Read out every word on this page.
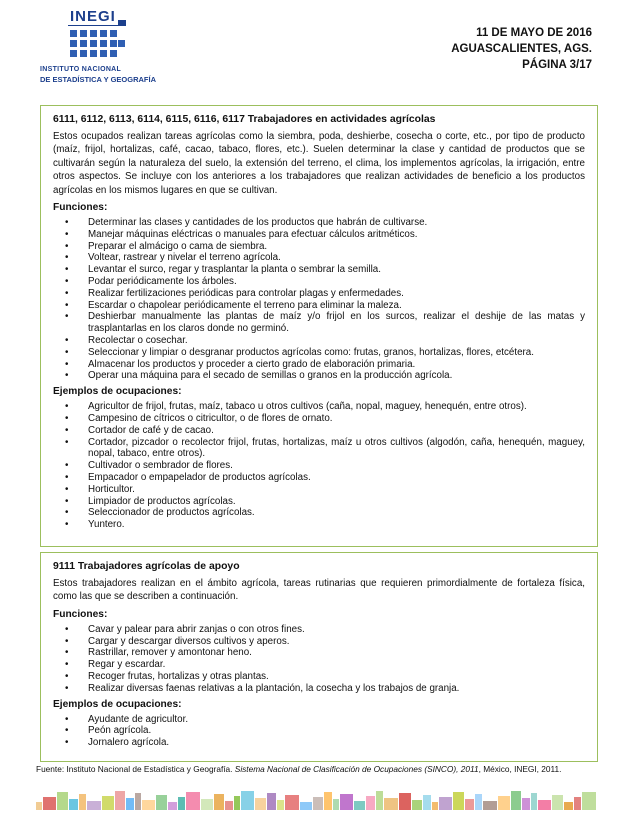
INEGI
INSTITUTO NACIONAL
DE ESTADÍSTICA Y GEOGRAFÍA
11 DE MAYO DE 2016
AGUASCALIENTES, AGS.
PÁGINA 3/17
6111, 6112, 6113, 6114, 6115, 6116, 6117 Trabajadores en actividades agrícolas

Estos ocupados realizan tareas agrícolas como la siembra, poda, deshierbe, cosecha o corte, etc., por tipo de producto (maíz, frijol, hortalizas, café, cacao, tabaco, flores, etc.). Suelen determinar la clase y cantidad de productos que se cultivarán según la naturaleza del suelo, la extensión del terreno, el clima, los implementos agrícolas, la irrigación, entre otros aspectos. Se incluye con los anteriores a los trabajadores que realizan actividades de beneficio a los productos agrícolas en los mismos lugares en que se cultivan.

Funciones:
• Determinar las clases y cantidades de los productos que habrán de cultivarse.
• Manejar máquinas eléctricas o manuales para efectuar cálculos aritméticos.
• Preparar el almácigo o cama de siembra.
• Voltear, rastrear y nivelar el terreno agrícola.
• Levantar el surco, regar y trasplantar la planta o sembrar la semilla.
• Podar periódicamente los árboles.
• Realizar fertilizaciones periódicas para controlar plagas y enfermedades.
• Escardar o chapolear periódicamente el terreno para eliminar la maleza.
• Deshierbar manualmente las plantas de maíz y/o frijol en los surcos, realizar el deshije de las matas y trasplantarlas en los claros donde no germinó.
• Recolectar o cosechar.
• Seleccionar y limpiar o desgranar productos agrícolas como: frutas, granos, hortalizas, flores, etcétera.
• Almacenar los productos y proceder a cierto grado de elaboración primaria.
• Operar una máquina para el secado de semillas o granos en la producción agrícola.
Ejemplos de ocupaciones:
• Agricultor de frijol, frutas, maíz, tabaco u otros cultivos (caña, nopal, maguey, henequén, entre otros).
• Campesino de cítricos o citricultor, o de flores de ornato.
• Cortador de café y de cacao.
• Cortador, pizcador o recolector frijol, frutas, hortalizas, maíz u otros cultivos (algodón, caña, henequén, maguey, nopal, tabaco, entre otros).
• Cultivador o sembrador de flores.
• Empacador o empapelador de productos agrícolas.
• Horticultor.
• Limpiador de productos agrícolas.
• Seleccionador de productos agrícolas.
• Yuntero.
9111 Trabajadores agrícolas de apoyo

Estos trabajadores realizan en el ámbito agrícola, tareas rutinarias que requieren primordialmente de fortaleza física, como las que se describen a continuación.

Funciones:
• Cavar y palear para abrir zanjas o con otros fines.
• Cargar y descargar diversos cultivos y aperos.
• Rastrillar, remover y amontonar heno.
• Regar y escardar.
• Recoger frutas, hortalizas y otras plantas.
• Realizar diversas faenas relativas a la plantación, la cosecha y los trabajos de granja.
Ejemplos de ocupaciones:
• Ayudante de agricultor.
• Peón agrícola.
• Jornalero agrícola.
Fuente: Instituto Nacional de Estadística y Geografía. Sistema Nacional de Clasificación de Ocupaciones (SINCO), 2011, México, INEGI, 2011.
